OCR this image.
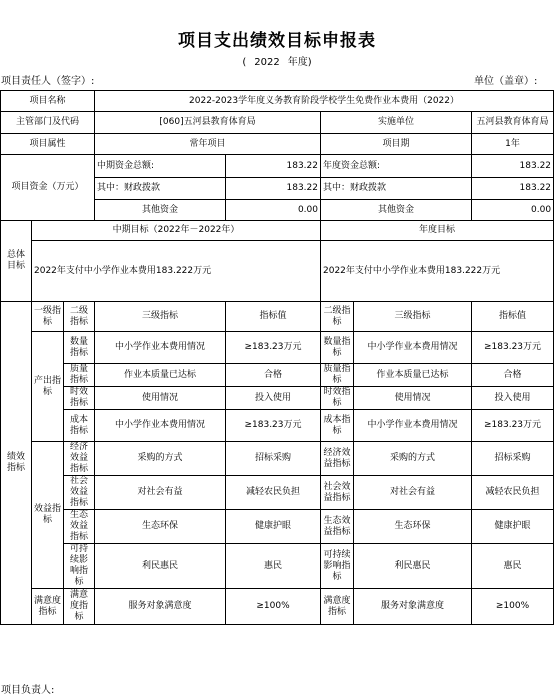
项目支出绩效目标申报表
( 2022 年度)
项目责任人（签字）:	单位（盖章）:
项目名称			2022-2023学年度义务教育阶段学校学生免费作业本费用（2022）				
主管部门及代码			[060]五河县教育体育局		实施单位		五河县教育体育局
项目属性			常年项目		项目期		1年
项目资金（万元）			中期资金总额:	183.22	年度资金总额:		183.22
			其中：财政拨款	183.22	其中：财政拨款		183.22
			其他资金	0.00	其他资金		0.00
总体目标	中期目标（2022年－2022年）				年度目标		
	2022年支付中小学作业本费用183.222万元				2022年支付中小学作业本费用183.222万元		
绩效指标	一级指标	二级指标	三级指标	指标值	二级指标	三级指标	指标值
	产出指标	数量指标	中小学作业本费用情况	≥183.23万元	数量指标	中小学作业本费用情况	≥183.23万元
		质量指标	作业本质量已达标	合格	质量指标	作业本质量已达标	合格
		时效指标	使用情况	投入使用	时效指标	使用情况	投入使用
		成本指标	中小学作业本费用情况	≥183.23万元	成本指标	中小学作业本费用情况	≥183.23万元
	效益指标	经济效益指标	采购的方式	招标采购	经济效益指标	采购的方式	招标采购
		社会效益指标	对社会有益	减轻农民负担	社会效益指标	对社会有益	减轻农民负担
		生态效益指标	生态环保	健康护眼	生态效益指标	生态环保	健康护眼
		可持续影响指标	利民惠民	惠民	可持续影响指标	利民惠民	惠民
	满意度指标	满意度指标	服务对象满意度	≥100%	满意度指标	服务对象满意度	≥100%
项目负责人:
